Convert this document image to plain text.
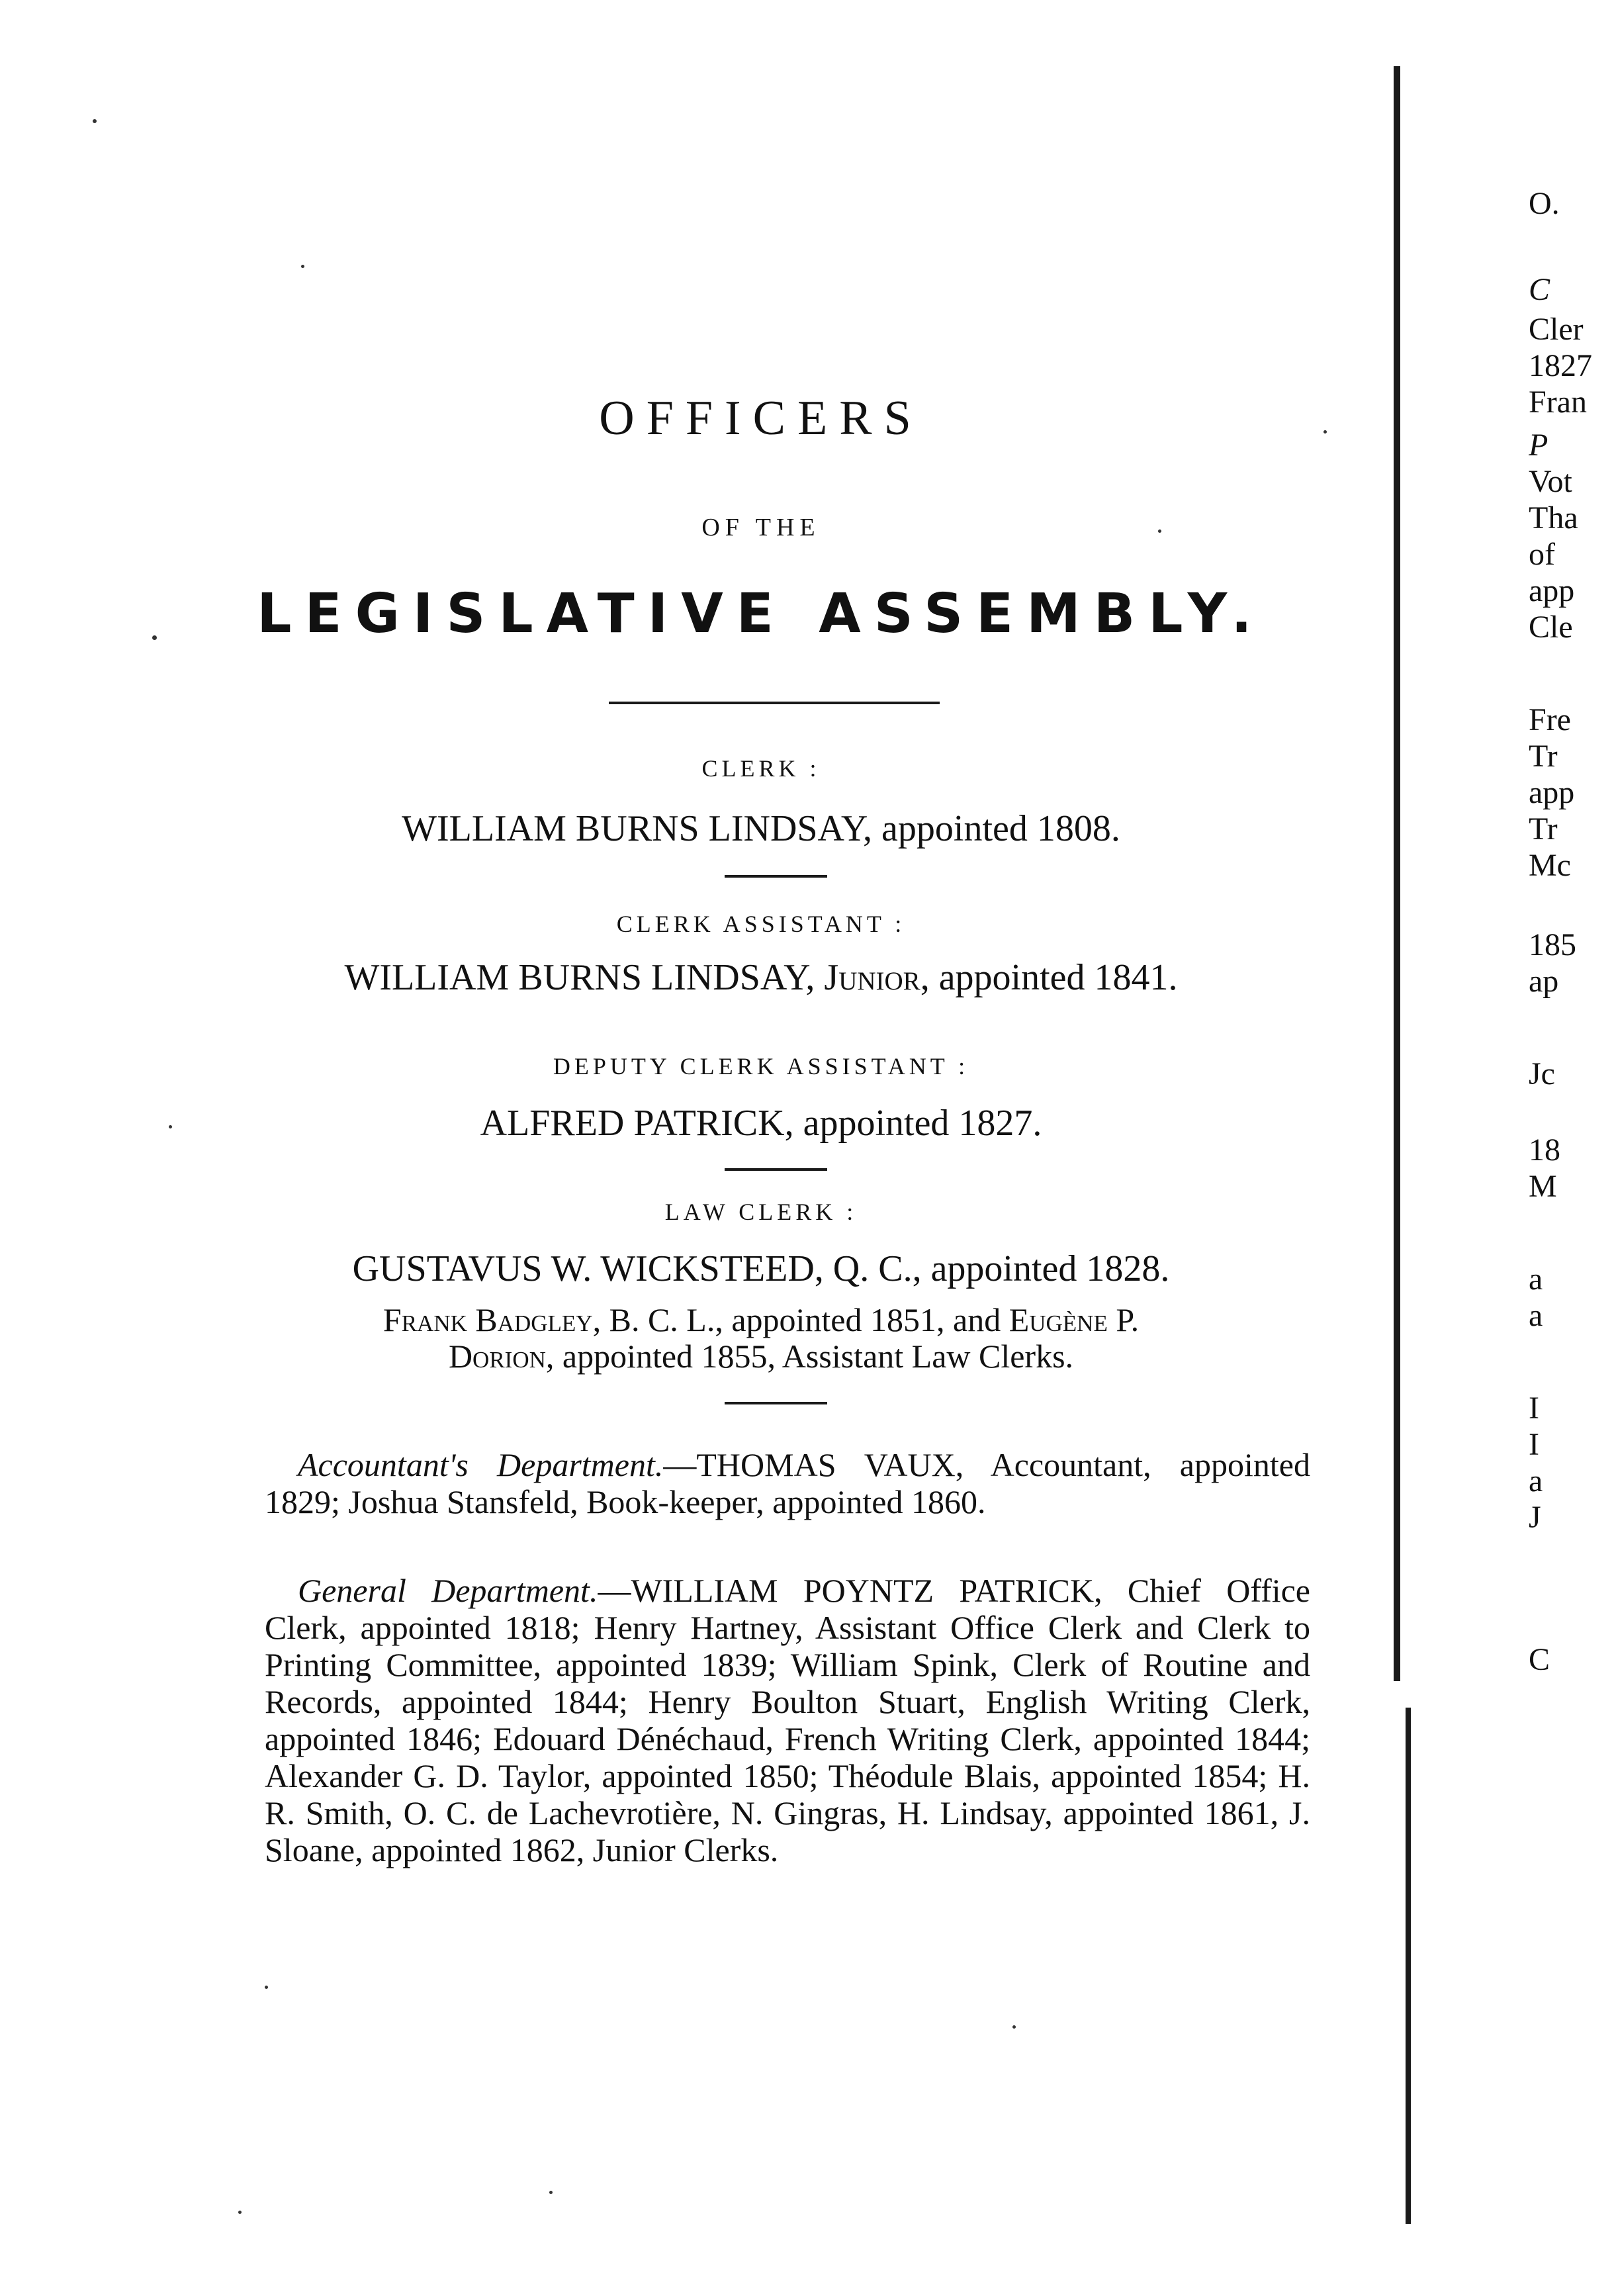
OFFICERS
OF THE
LEGISLATIVE ASSEMBLY.
CLERK :
WILLIAM BURNS LINDSAY, appointed 1808.
CLERK ASSISTANT :
WILLIAM BURNS LINDSAY, Junior, appointed 1841.
DEPUTY CLERK ASSISTANT :
ALFRED PATRICK, appointed 1827.
LAW CLERK :
GUSTAVUS W. WICKSTEED, Q. C., appointed 1828.
Frank Badgley, B. C. L., appointed 1851, and Eugène P.
Dorion, appointed 1855, Assistant Law Clerks.
Accountant's Department.—THOMAS VAUX, Accountant, appointed 1829; Joshua Stansfeld, Book-keeper, appointed 1860.
General Department.—WILLIAM POYNTZ PATRICK, Chief Office Clerk, appointed 1818; Henry Hartney, Assistant Office Clerk and Clerk to Printing Committee, appointed 1839; William Spink, Clerk of Routine and Records, appointed 1844; Henry Boulton Stuart, English Writing Clerk, appointed 1846; Edouard Dénéchaud, French Writing Clerk, appointed 1844; Alexander G. D. Taylor, appointed 1850; Théodule Blais, appointed 1854; H. R. Smith, O. C. de Lachevrotière, N. Gingras, H. Lindsay, appointed 1861, J. Sloane, appointed 1862, Junior Clerks.
O.
C
Cler
1827
Fran
P
Vot
Tha
of
app
Cle
Fre
Tr
app
Tr
Mc
185
ap
Jc
18
M
a
a
I
I
a
J
C
